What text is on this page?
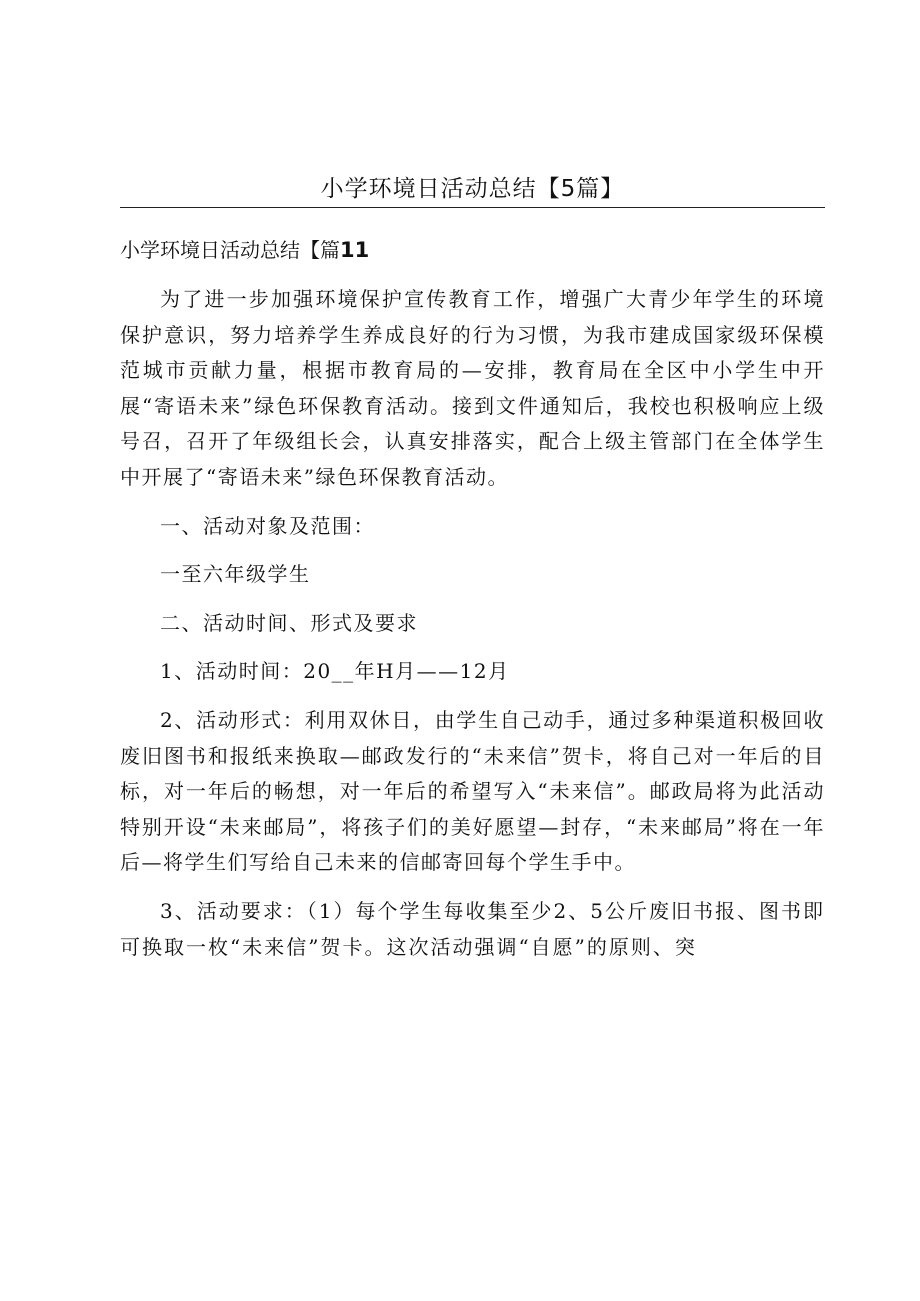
小学环境日活动总结【5篇】

小学环境日活动总结【篇11

为了进一步加强环境保护宣传教育工作，增强广大青少年学生的环境保护意识，努力培养学生养成良好的行为习惯，为我市建成国家级环保模范城市贡献力量，根据市教育局的—安排，教育局在全区中小学生中开展“寄语未来”绿色环保教育活动。接到文件通知后，我校也积极响应上级号召，召开了年级组长会，认真安排落实，配合上级主管部门在全体学生中开展了“寄语未来”绿色环保教育活动。

一、活动对象及范围：

一至六年级学生

二、活动时间、形式及要求

1、活动时间：20__年H月——12月

2、活动形式：利用双休日，由学生自己动手，通过多种渠道积极回收废旧图书和报纸来换取—邮政发行的“未来信”贺卡，将自己对一年后的目标，对一年后的畅想，对一年后的希望写入“未来信”。邮政局将为此活动特别开设“未来邮局”，将孩子们的美好愿望—封存，“未来邮局”将在一年后—将学生们写给自己未来的信邮寄回每个学生手中。

3、活动要求：（1）每个学生每收集至少2、5公斤废旧书报、图书即可换取一枚“未来信”贺卡。这次活动强调“自愿”的原则、突
